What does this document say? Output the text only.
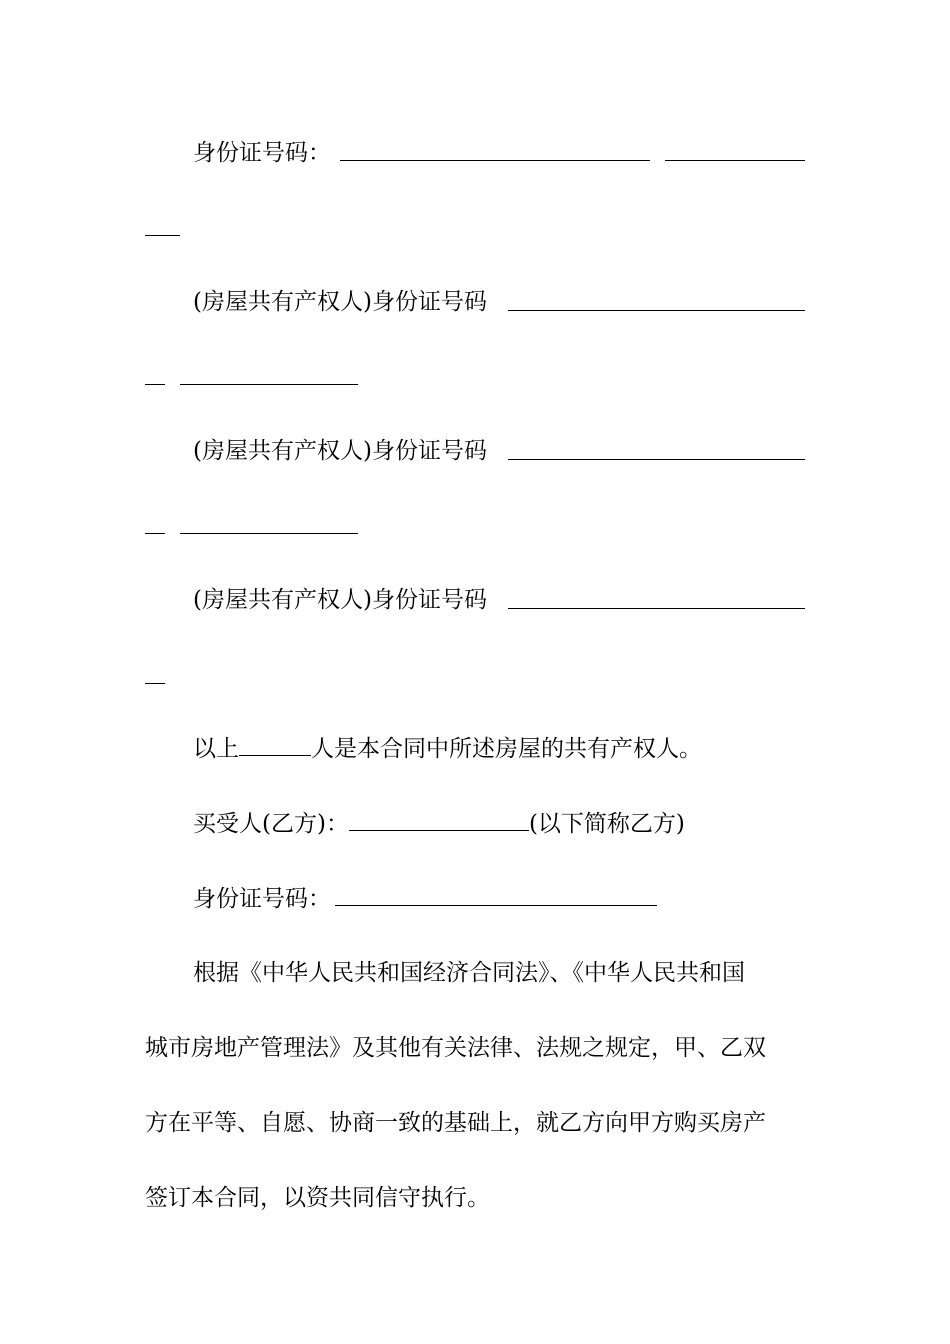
身份证号码：
(房屋共有产权人)身份证号码
(房屋共有产权人)身份证号码
(房屋共有产权人)身份证号码
以上	人是本合同中所述房屋的共有产权人。
买受人(乙方)：	(以下简称乙方)
身份证号码：
根据《中华人民共和国经济合同法》、《中华人民共和国
城市房地产管理法》及其他有关法律、法规之规定，甲、乙双
方在平等、自愿、协商一致的基础上，就乙方向甲方购买房产
签订本合同，以资共同信守执行。
